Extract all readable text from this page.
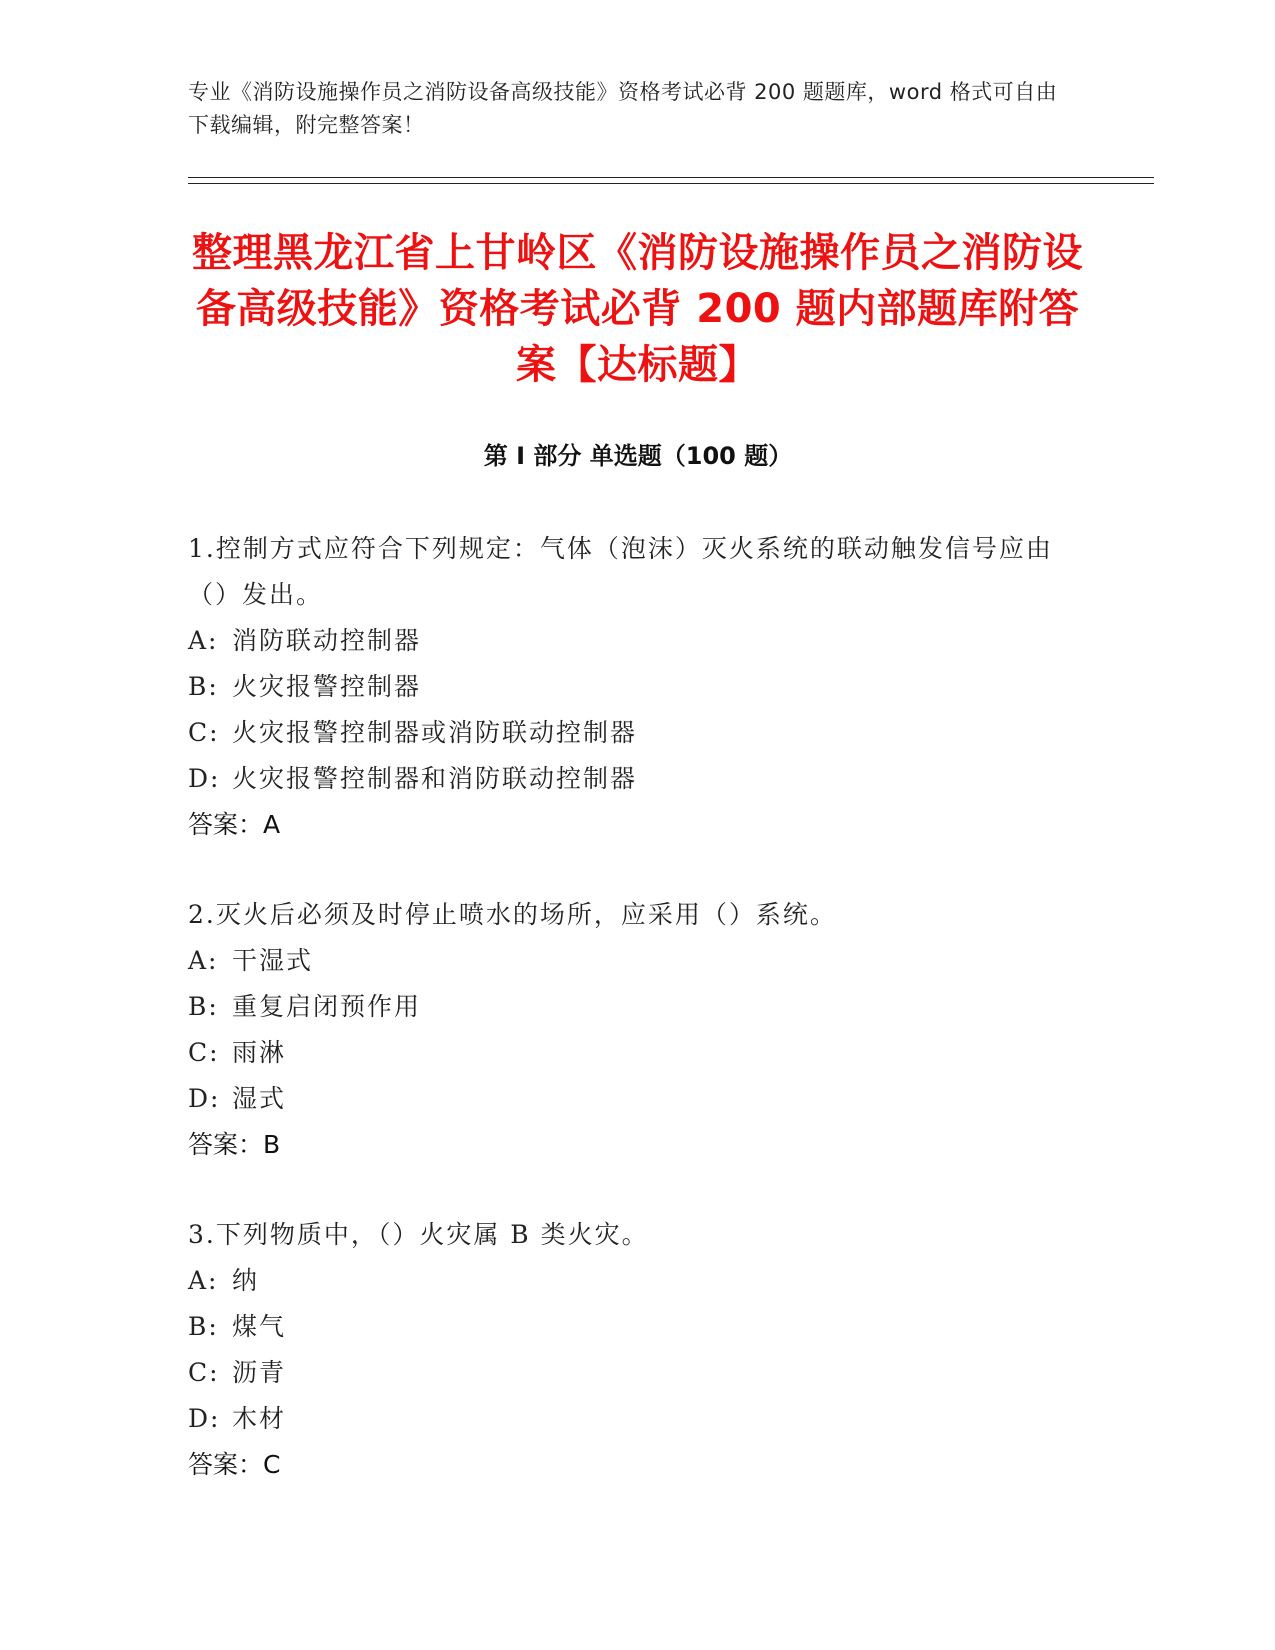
专业《消防设施操作员之消防设备高级技能》资格考试必背 200 题题库，word 格式可自由下载编辑，附完整答案！
整理黑龙江省上甘岭区《消防设施操作员之消防设备高级技能》资格考试必背 200 题内部题库附答案【达标题】
第 I 部分 单选题（100 题）
1.控制方式应符合下列规定：气体（泡沫）灭火系统的联动触发信号应由（）发出。
A: 消防联动控制器
B: 火灾报警控制器
C: 火灾报警控制器或消防联动控制器
D: 火灾报警控制器和消防联动控制器
答案：A
2.灭火后必须及时停止喷水的场所，应采用（）系统。
A: 干湿式
B: 重复启闭预作用
C: 雨淋
D: 湿式
答案：B
3.下列物质中，（）火灾属 B 类火灾。
A: 纳
B: 煤气
C: 沥青
D: 木材
答案：C
